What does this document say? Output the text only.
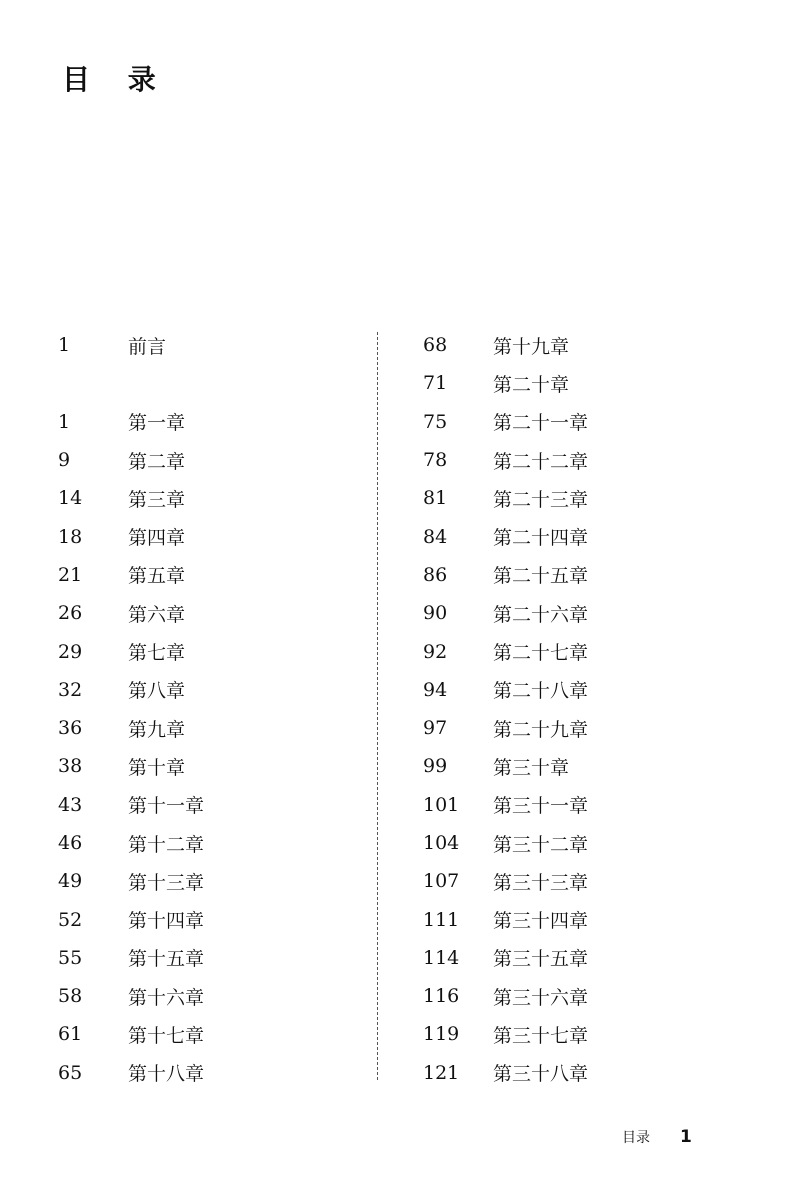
目 录
1	前言
1	第一章
9	第二章
14	第三章
18	第四章
21	第五章
26	第六章
29	第七章
32	第八章
36	第九章
38	第十章
43	第十一章
46	第十二章
49	第十三章
52	第十四章
55	第十五章
58	第十六章
61	第十七章
65	第十八章
68	第十九章
71	第二十章
75	第二十一章
78	第二十二章
81	第二十三章
84	第二十四章
86	第二十五章
90	第二十六章
92	第二十七章
94	第二十八章
97	第二十九章
99	第三十章
101	第三十一章
104	第三十二章
107	第三十三章
111	第三十四章
114	第三十五章
116	第三十六章
119	第三十七章
121	第三十八章
目录 1
